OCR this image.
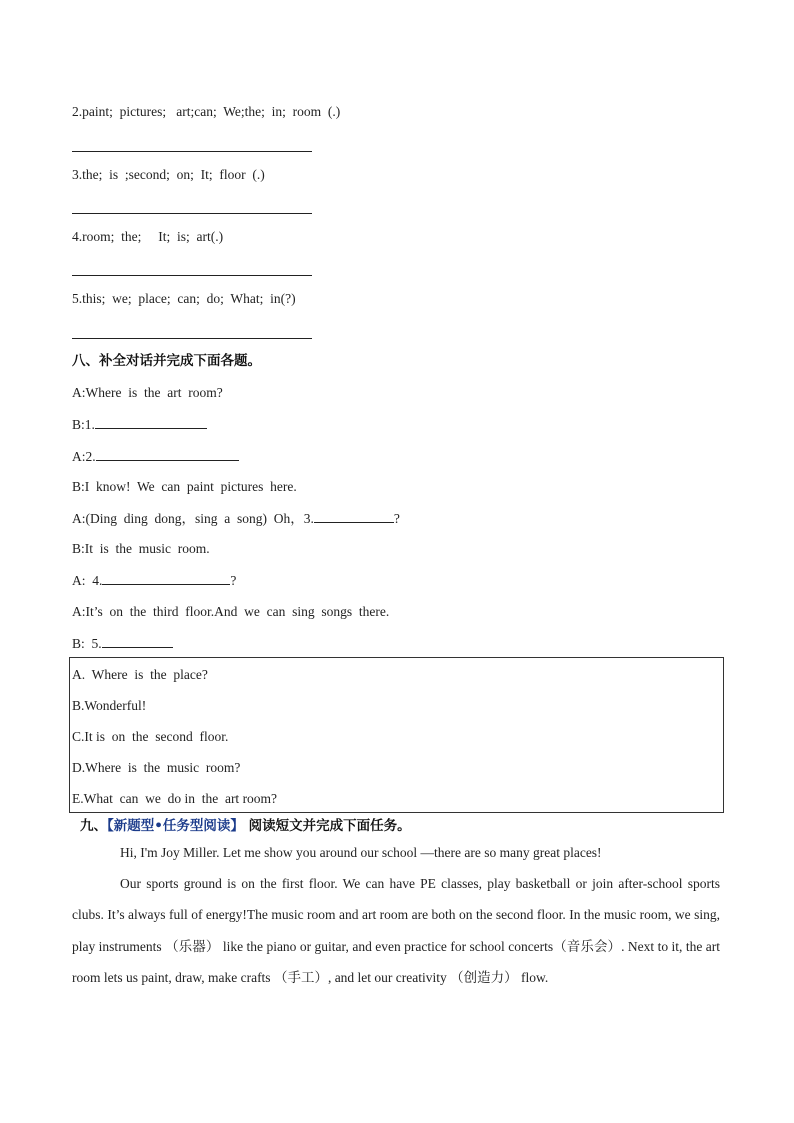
2.paint;  pictures;   art;can;  We;the;  in;  room  (.)
3.the;  is  ;second;  on;  It;  floor  (.)
4.room;  the;     It;  is;  art(.)
5.this;  we;  place;  can;  do;  What;  in(?)
八、补全对话并完成下面各题。
A:Where  is  the  art  room?
B:1.
A:2.
B:I  know!  We  can  paint  pictures  here.
A:(Ding  ding  dong，sing  a  song)  Oh，3.	?
B:It  is  the  music  room.
A:  4.	?
A:It’s  on  the  third  floor.And  we  can  sing  songs  there.
B:  5.
A.  Where  is  the  place?
B.Wonderful!
C.It is  on  the  second  floor.
D.Where  is  the  music  room?
E.What  can  we  do in  the  art room?
九、【新题型•任务型阅读】 阅读短文并完成下面任务。
Hi, I'm Joy Miller. Let me show you around our school —there are so many great places!
Our sports ground is on the first floor. We can have PE classes, play basketball or join after-school sports clubs. It’s always full of energy!The music room and art room are both on the second floor. In the music room, we sing, play instruments （乐器） like the piano or guitar, and even practice for school concerts（音乐会）. Next to it, the art room lets us paint, draw, make crafts （手工）, and let our creativity （创造力） flow.
